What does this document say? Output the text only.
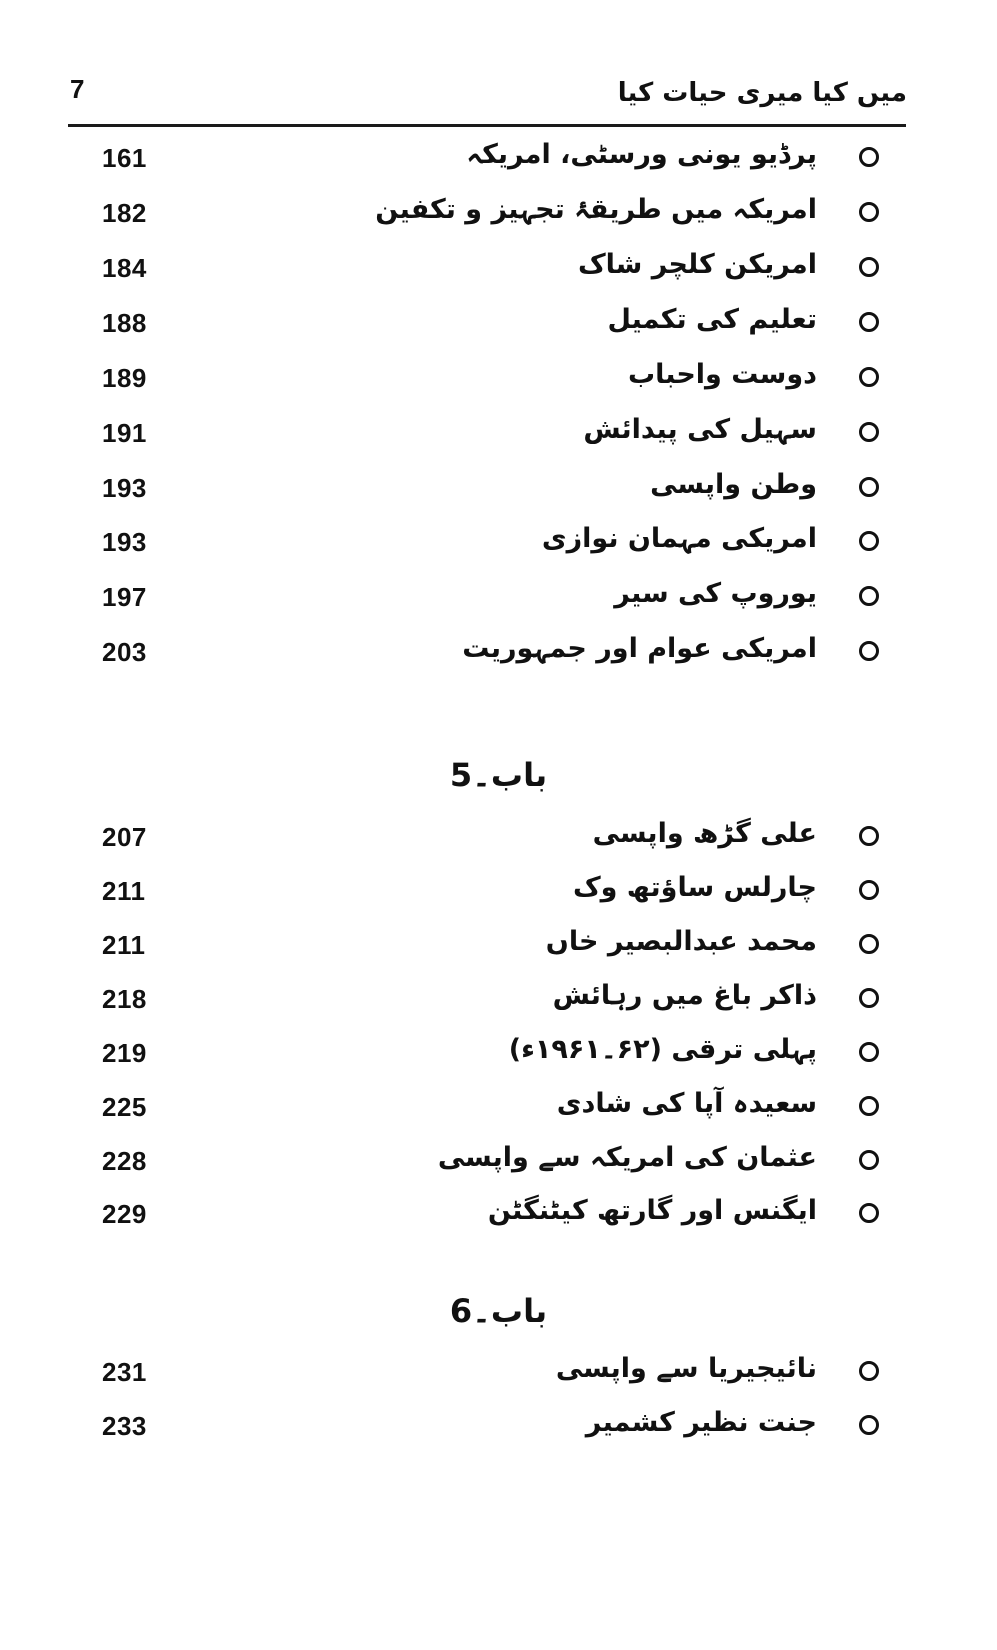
7	میں کیا میری حیات کیا
161	پرڈیو یونی ورسٹی، امریکہ
182	امریکہ میں طریقۂ تجہیز و تکفین
184	امریکن کلچر شاک
188	تعلیم کی تکمیل
189	دوست واحباب
191	سہیل کی پیدائش
193	وطن واپسی
193	امریکی مہمان نوازی
197	یوروپ کی سیر
203	امریکی عوام اور جمہوریت
باب۔5
207	علی گڑھ واپسی
211	چارلس ساؤتھ وک
211	محمد عبدالبصیر خاں
218	ذاکر باغ میں رہائش
219	پہلی ترقی (۶۲۔۱۹۶۱ء)
225	سعیدہ آپا کی شادی
228	عثمان کی امریکہ سے واپسی
229	ایگنس اور گارتھ کیٹنگٹن
باب۔6
231	نائیجیریا سے واپسی
233	جنت نظیر کشمیر
